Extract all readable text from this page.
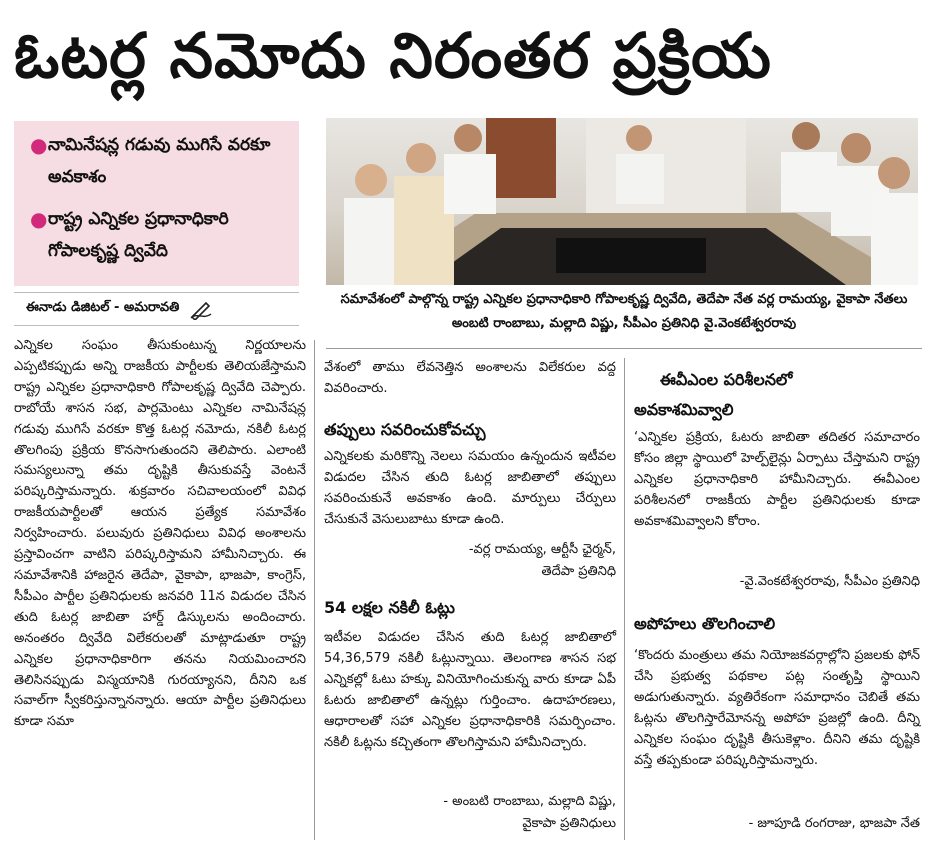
ఓటర్ల నమోదు నిరంతర ప్రక్రియ
● నామినేషన్ల గడువు ముగిసే వరకూ అవకాశం
● రాష్ట్ర ఎన్నికల ప్రధానాధికారి గోపాలకృష్ణ ద్వివేది
సమావేశంలో పాల్గొన్న రాష్ట్ర ఎన్నికల ప్రధానాధికారి గోపాలకృష్ణ ద్వివేది, తెదేపా నేత వర్ల రామయ్య, వైకాపా నేతలు అంబటి రాంబాబు, మల్లాది విష్ణు, సీపీఎం ప్రతినిధి వై.వెంకటేశ్వరరావు
ఈనాడు డిజిటల్ - అమరావతి
ఎన్నికల సంఘం తీసుకుంటున్న నిర్ణయాలను ఎప్పటికప్పుడు అన్ని రాజకీయ పార్టీలకు తెలియజేస్తామని రాష్ట్ర ఎన్నికల ప్రధానాధికారి గోపాలకృష్ణ ద్వివేది చెప్పారు. రాబోయే శాసన సభ, పార్లమెంటు ఎన్నికల నామినేషన్ల గడువు ముగిసే వరకూ కొత్త ఓటర్ల నమోదు, నకిలీ ఓటర్ల తొలగింపు ప్రక్రియ కొనసాగుతుందని తెలిపారు. ఎలాంటి సమస్యలున్నా తమ దృష్టికి తీసుకువస్తే వెంటనే పరిష్కరిస్తామన్నారు. శుక్రవారం సచివాలయంలో వివిధ రాజకీయపార్టీలతో ఆయన ప్రత్యేక సమావేశం నిర్వహించారు. పలువురు ప్రతినిధులు వివిధ అంశాలను ప్రస్తావించగా వాటిని పరిష్కరిస్తామని హామీనిచ్చారు. ఈ సమావేశానికి హాజరైన తెదేపా, వైకాపా, భాజపా, కాంగ్రెస్, సీపీఎం పార్టీల ప్రతినిధులకు జనవరి 11న విడుదల చేసిన తుది ఓటర్ల జాబితా హార్డ్ డిస్కులను అందించారు. అనంతరం ద్వివేది విలేకరులతో మాట్లాడుతూ రాష్ట్ర ఎన్నికల ప్రధానాధికారిగా తనను నియమించారని తెలిసినప్పుడు విస్మయానికి గురయ్యానని, దీనిని ఒక సవాల్‌గా స్వీకరిస్తున్నానన్నారు. ఆయా పార్టీల ప్రతినిధులు కూడా సమా
వేశంలో తాము లేవనెత్తిన అంశాలను విలేకరుల వద్ద వివరించారు.
తప్పులు సవరించుకోవచ్చు
ఎన్నికలకు మరికొన్ని నెలలు సమయం ఉన్నందున ఇటీవల విడుదల చేసిన తుది ఓటర్ల జాబితాలో తప్పులు సవరించుకునే అవకాశం ఉంది. మార్పులు చేర్పులు చేసుకునే వెసులుబాటు కూడా ఉంది.
-వర్ల రామయ్య, ఆర్టీసీ ఛైర్మన్,
తెదేపా ప్రతినిధి
54 లక్షల నకిలీ ఓట్లు
ఇటీవల విడుదల చేసిన తుది ఓటర్ల జాబితాలో 54,36,579 నకిలీ ఓట్లున్నాయి. తెలంగాణ శాసన సభ ఎన్నికల్లో ఓటు హక్కు వినియోగించుకున్న వారు కూడా ఏపీ ఓటరు జాబితాలో ఉన్నట్లు గుర్తించాం. ఉదాహరణలు, ఆధారాలతో సహా ఎన్నికల ప్రధానాధికారికి సమర్పించాం. నకిలీ ఓట్లను కచ్చితంగా తొలగిస్తామని హామీనిచ్చారు.
- అంబటి రాంబాబు, మల్లాది విష్ణు,
వైకాపా ప్రతినిధులు
ఈవీఎంల పరిశీలనలో
అవకాశమివ్వాలి
‘ఎన్నికల ప్రక్రియ, ఓటరు జాబితా తదితర సమాచారం కోసం జిల్లా స్థాయిలో హెల్ప్‌లైన్లు ఏర్పాటు చేస్తామని రాష్ట్ర ఎన్నికల ప్రధానాధికారి హామీనిచ్చారు. ఈవీఎంల పరిశీలనలో రాజకీయ పార్టీల ప్రతినిధులకు కూడా అవకాశమివ్వాలని కోరాం.
-వై.వెంకటేశ్వరరావు, సీపీఎం ప్రతినిధి
అపోహలు తొలగించాలి
‘కొందరు మంత్రులు తమ నియోజకవర్గాల్లోని ప్రజలకు ఫోన్ చేసి ప్రభుత్వ పథకాల పట్ల సంతృప్తి స్థాయిని అడుగుతున్నారు. వ్యతిరేకంగా సమాధానం చెబితే తమ ఓట్లను తొలగిస్తారేమోనన్న అపోహ ప్రజల్లో ఉంది. దీన్ని ఎన్నికల సంఘం దృష్టికి తీసుకెళ్లాం. దీనిని తమ దృష్టికి వస్తే తప్పకుండా పరిష్కరిస్తామన్నారు.
- జూపూడి రంగరాజు, భాజపా నేత
